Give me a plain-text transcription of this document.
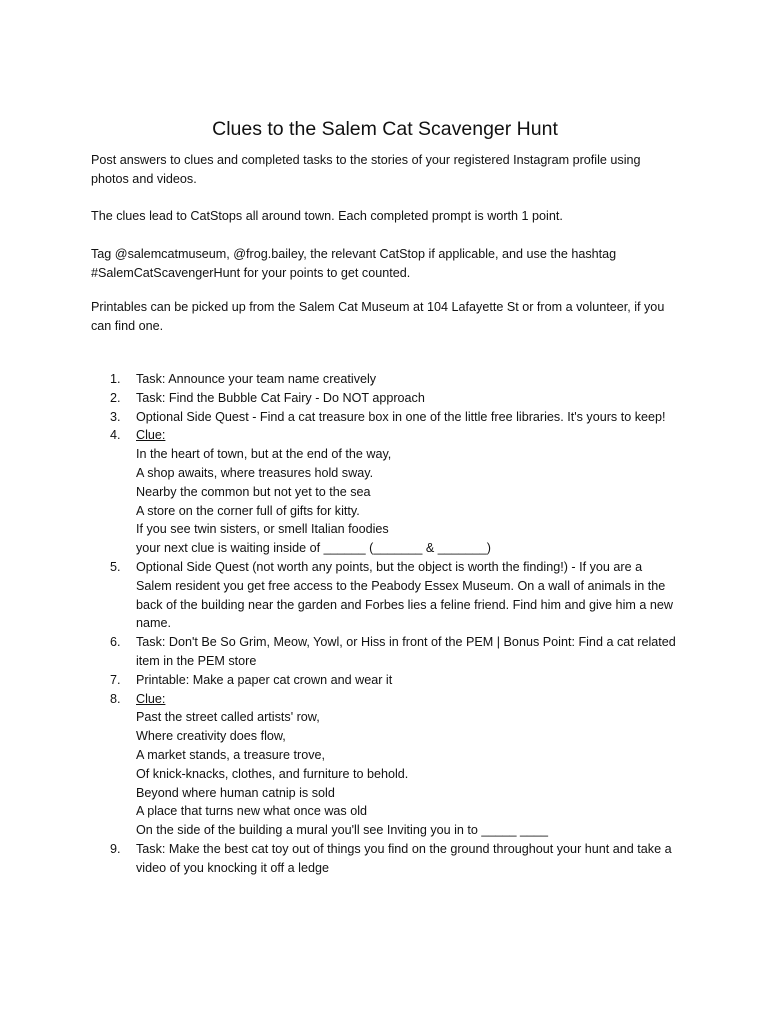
Clues to the Salem Cat Scavenger Hunt

Post answers to clues and completed tasks to the stories of your registered Instagram profile using photos and videos.

The clues lead to CatStops all around town. Each completed prompt is worth 1 point.

Tag @salemcatmuseum, @frog.bailey, the relevant CatStop if applicable, and use the hashtag #SalemCatScavengerHunt for your points to get counted.

Printables can be picked up from the Salem Cat Museum at 104 Lafayette St or from a volunteer, if you can find one.

1. Task: Announce your team name creatively
2. Task: Find the Bubble Cat Fairy - Do NOT approach
3. Optional Side Quest - Find a cat treasure box in one of the little free libraries. It's yours to keep!
4. Clue:
In the heart of town, but at the end of the way,
A shop awaits, where treasures hold sway.
Nearby the common but not yet to the sea
A store on the corner full of gifts for kitty.
If you see twin sisters, or smell Italian foodies
your next clue is waiting inside of ______ (_______ & _______)
5. Optional Side Quest (not worth any points, but the object is worth the finding!) - If you are a Salem resident you get free access to the Peabody Essex Museum. On a wall of animals in the back of the building near the garden and Forbes lies a feline friend. Find him and give him a new name.
6. Task: Don't Be So Grim, Meow, Yowl, or Hiss in front of the PEM | Bonus Point: Find a cat related item in the PEM store
7. Printable: Make a paper cat crown and wear it
8. Clue:
Past the street called artists' row,
Where creativity does flow,
A market stands, a treasure trove,
Of knick-knacks, clothes, and furniture to behold.
Beyond where human catnip is sold
A place that turns new what once was old
On the side of the building a mural you'll see Inviting you in to _____ ____
9. Task: Make the best cat toy out of things you find on the ground throughout your hunt and take a video of you knocking it off a ledge
